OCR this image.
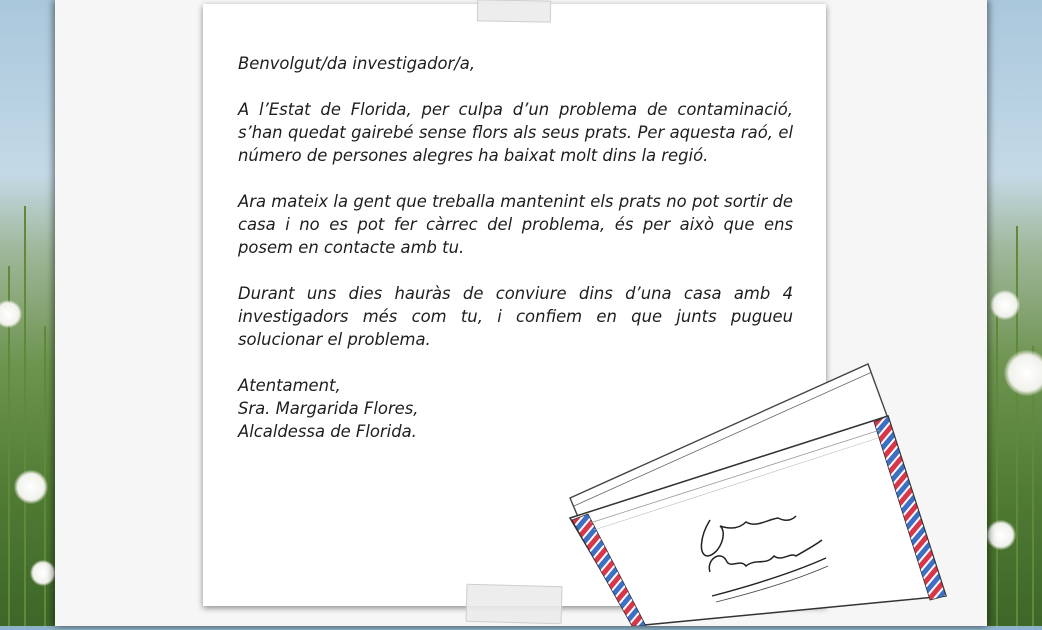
Benvolgut/da investigador/a,

A l’Estat de Florida, per culpa d’un problema de contaminació, s’han quedat gairebé sense flors als seus prats. Per aquesta raó, el número de persones alegres ha baixat molt dins la regió.

Ara mateix la gent que treballa mantenint els prats no pot sortir de casa i no es pot fer càrrec del problema, és per això que ens posem en contacte amb tu.

Durant uns dies hauràs de conviure dins d’una casa amb 4 investigadors més com tu, i confiem en que junts pugueu solucionar el problema.

Atentament,

Sra. Margarida Flores,

Alcaldessa de Florida.
